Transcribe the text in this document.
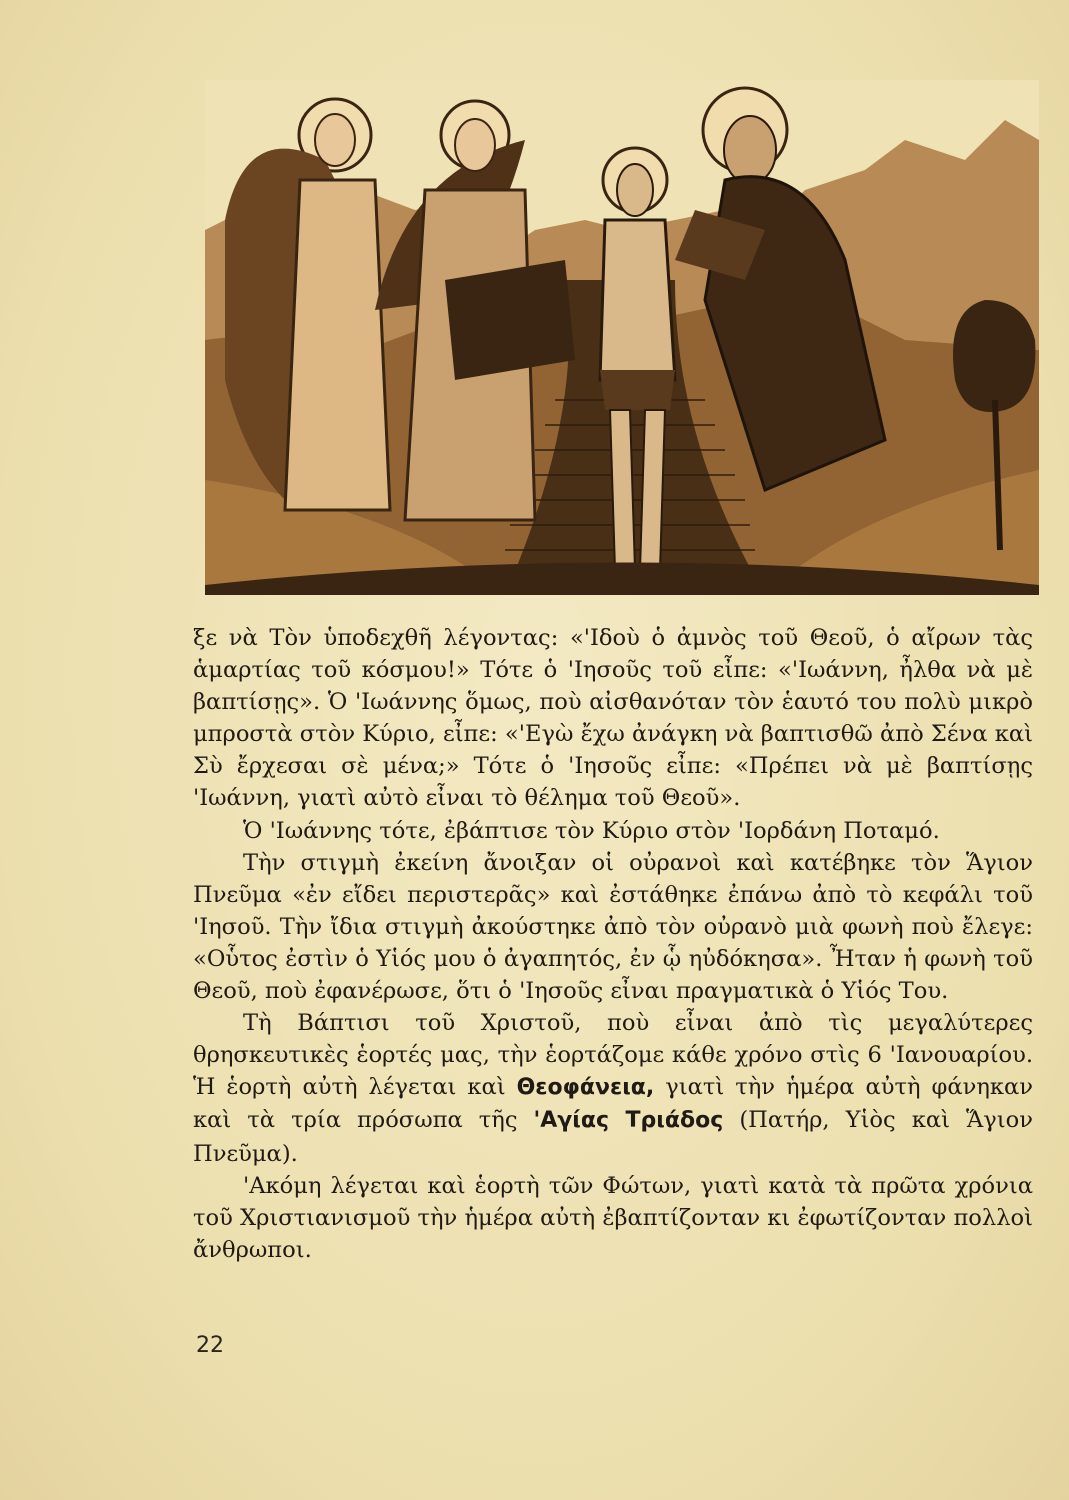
ξε νὰ Τὸν ὑποδεχθῆ λέγοντας: «'Ιδοὺ ὁ ἀμνὸς τοῦ Θεοῦ, ὁ αἴρων τὰς ἁμαρτίας τοῦ κόσμου!» Τότε ὁ 'Ιησοῦς τοῦ εἶπε: «'Ιωάννη, ἦλθα νὰ μὲ βαπτίσῃς». Ὁ 'Ιωάννης ὅμως, ποὺ αἰσθανόταν τὸν ἑαυτό του πολὺ μικρὸ μπροστὰ στὸν Κύριο, εἶπε: «'Εγὼ ἔχω ἀνάγκη νὰ βαπτισθῶ ἀπὸ Σένα καὶ Σὺ ἔρχεσαι σὲ μένα;» Τότε ὁ 'Ιησοῦς εἶπε: «Πρέπει νὰ μὲ βαπτίσῃς 'Ιωάννη, γιατὶ αὐτὸ εἶναι τὸ θέλημα τοῦ Θεοῦ».

Ὁ 'Ιωάννης τότε, ἐβάπτισε τὸν Κύριο στὸν 'Ιορδάνη Ποταμό.

Τὴν στιγμὴ ἐκείνη ἄνοιξαν οἱ οὐρανοὶ καὶ κατέβηκε τὸν Ἅγιον Πνεῦμα «ἐν εἴδει περιστερᾶς» καὶ ἐστάθηκε ἐπάνω ἀπὸ τὸ κεφάλι τοῦ 'Ιησοῦ. Τὴν ἴδια στιγμὴ ἀκούστηκε ἀπὸ τὸν οὐρανὸ μιὰ φωνὴ ποὺ ἔλεγε: «Οὗτος ἐστὶν ὁ Υἱός μου ὁ ἀγαπητός, ἐν ᾧ ηὐδόκησα». Ἦταν ἡ φωνὴ τοῦ Θεοῦ, ποὺ ἐφανέρωσε, ὅτι ὁ 'Ιησοῦς εἶναι πραγματικὰ ὁ Υἱός Του.

Τὴ Βάπτισι τοῦ Χριστοῦ, ποὺ εἶναι ἀπὸ τὶς μεγαλύτερες θρησκευτικὲς ἑορτές μας, τὴν ἑορτάζομε κάθε χρόνο στὶς 6 'Ιανουαρίου. Ἡ ἑορτὴ αὐτὴ λέγεται καὶ Θεοφάνεια, γιατὶ τὴν ἡμέρα αὐτὴ φάνηκαν καὶ τὰ τρία πρόσωπα τῆς 'Αγίας Τριάδος (Πατήρ, Υἱὸς καὶ Ἅγιον Πνεῦμα).

'Ακόμη λέγεται καὶ ἑορτὴ τῶν Φώτων, γιατὶ κατὰ τὰ πρῶτα χρόνια τοῦ Χριστιανισμοῦ τὴν ἡμέρα αὐτὴ ἐβαπτίζονταν κι ἐφωτίζονταν πολλοὶ ἄνθρωποι.

22
